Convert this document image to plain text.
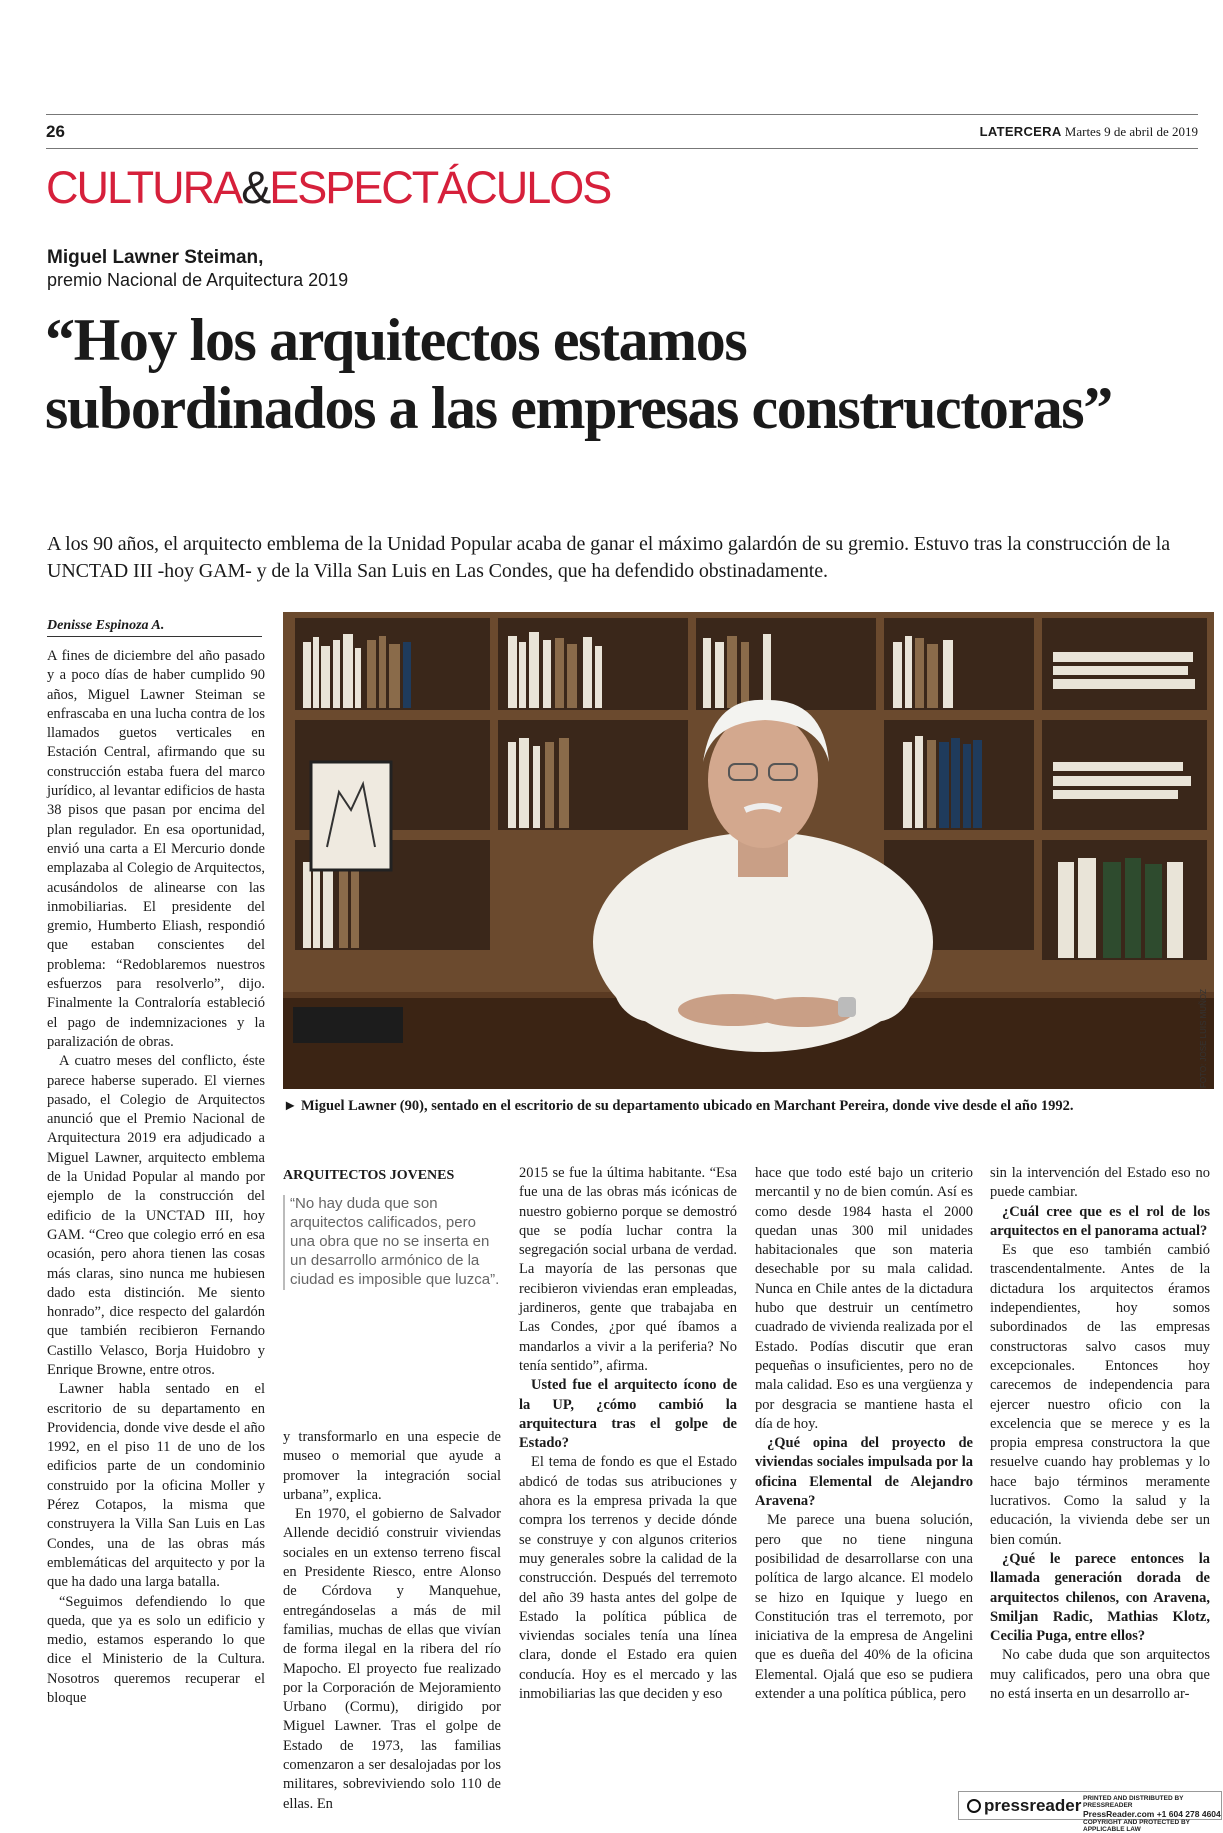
26	LATERCERA Martes 9 de abril de 2019
CULTURA&ESPECTÁCULOS
Miguel Lawner Steiman,
premio Nacional de Arquitectura 2019
“Hoy los arquitectos estamos
subordinados a las empresas constructoras”

A los 90 años, el arquitecto emblema de la Unidad Popular acaba de ganar el máximo galardón de su gremio. Estuvo tras la construcción de la UNCTAD III -hoy GAM- y de la Villa San Luis en Las Condes, que ha defendido obstinadamente.

Denisse Espinoza A.

A fines de diciembre del año pasado y a poco días de haber cumplido 90 años, Miguel Lawner Steiman se enfrascaba en una lucha contra de los llamados guetos verticales en Estación Central, afirmando que su construcción estaba fuera del marco jurídico, al levantar edificios de hasta 38 pisos que pasan por encima del plan regulador. En esa oportunidad, envió una carta a El Mercurio donde emplazaba al Colegio de Arquitectos, acusándolos de alinearse con las inmobiliarias. El presidente del gremio, Humberto Eliash, respondió que estaban conscientes del problema: “Redoblaremos nuestros esfuerzos para resolverlo”, dijo. Finalmente la Contraloría estableció el pago de indemnizaciones y la paralización de obras.

A cuatro meses del conflicto, éste parece haberse superado. El viernes pasado, el Colegio de Arquitectos anunció que el Premio Nacional de Arquitectura 2019 era adjudicado a Miguel Lawner, arquitecto emblema de la Unidad Popular al mando por ejemplo de la construcción del edificio de la UNCTAD III, hoy GAM. “Creo que colegio erró en esa ocasión, pero ahora tienen las cosas más claras, sino nunca me hubiesen dado esta distinción. Me siento honrado”, dice respecto del galardón que también recibieron Fernando Castillo Velasco, Borja Huidobro y Enrique Browne, entre otros.

Lawner habla sentado en el escritorio de su departamento en Providencia, donde vive desde el año 1992, en el piso 11 de uno de los edificios parte de un condominio construido por la oficina Moller y Pérez Cotapos, la misma que construyera la Villa San Luis en Las Condes, una de las obras más emblemáticas del arquitecto y por la que ha dado una larga batalla.

“Seguimos defendiendo lo que queda, que ya es solo un edificio y medio, estamos esperando lo que dice el Ministerio de la Cultura. Nosotros queremos recuperar el bloque

FOTO: JOSE LUIS MUÑOZ
► Miguel Lawner (90), sentado en el escritorio de su departamento ubicado en Marchant Pereira, donde vive desde el año 1992.
ARQUITECTOS JOVENES
“No hay duda que son arquitectos calificados, pero una obra que no se inserta en un desarrollo armónico de la ciudad es imposible que luzca”.

y transformarlo en una especie de museo o memorial que ayude a promover la integración social urbana”, explica.

En 1970, el gobierno de Salvador Allende decidió construir viviendas sociales en un extenso terreno fiscal en Presidente Riesco, entre Alonso de Córdova y Manquehue, entregándoselas a más de mil familias, muchas de ellas que vivían de forma ilegal en la ribera del río Mapocho. El proyecto fue realizado por la Corporación de Mejoramiento Urbano (Cormu), dirigido por Miguel Lawner. Tras el golpe de Estado de 1973, las familias comenzaron a ser desalojadas por los militares, sobreviviendo solo 110 de ellas. En

2015 se fue la última habitante. “Esa fue una de las obras más icónicas de nuestro gobierno porque se demostró que se podía luchar contra la segregación social urbana de verdad. La mayoría de las personas que recibieron viviendas eran empleadas, jardineros, gente que trabajaba en Las Condes, ¿por qué íbamos a mandarlos a vivir a la periferia? No tenía sentido”, afirma.

Usted fue el arquitecto ícono de la UP, ¿cómo cambió la arquitectura tras el golpe de Estado?

El tema de fondo es que el Estado abdicó de todas sus atribuciones y ahora es la empresa privada la que compra los terrenos y decide dónde se construye y con algunos criterios muy generales sobre la calidad de la construcción. Después del terremoto del año 39 hasta antes del golpe de Estado la política pública de viviendas sociales tenía una línea clara, donde el Estado era quien conducía. Hoy es el mercado y las inmobiliarias las que deciden y eso

hace que todo esté bajo un criterio mercantil y no de bien común. Así es como desde 1984 hasta el 2000 quedan unas 300 mil unidades habitacionales que son materia desechable por su mala calidad. Nunca en Chile antes de la dictadura hubo que destruir un centímetro cuadrado de vivienda realizada por el Estado. Podías discutir que eran pequeñas o insuficientes, pero no de mala calidad. Eso es una vergüenza y por desgracia se mantiene hasta el día de hoy.

¿Qué opina del proyecto de viviendas sociales impulsada por la oficina Elemental de Alejandro Aravena?

Me parece una buena solución, pero que no tiene ninguna posibilidad de desarrollarse con una política de largo alcance. El modelo se hizo en Iquique y luego en Constitución tras el terremoto, por iniciativa de la empresa de Angelini que es dueña del 40% de la oficina Elemental. Ojalá que eso se pudiera extender a una política pública, pero

sin la intervención del Estado eso no puede cambiar.

¿Cuál cree que es el rol de los arquitectos en el panorama actual?

Es que eso también cambió trascendentalmente. Antes de la dictadura los arquitectos éramos independientes, hoy somos subordinados de las empresas constructoras salvo casos muy excepcionales. Entonces hoy carecemos de independencia para ejercer nuestro oficio con la excelencia que se merece y es la propia empresa constructora la que resuelve cuando hay problemas y lo hace bajo términos meramente lucrativos. Como la salud y la educación, la vivienda debe ser un bien común.

¿Qué le parece entonces la llamada generación dorada de arquitectos chilenos, con Aravena, Smiljan Radic, Mathias Klotz, Cecilia Puga, entre ellos?

No cabe duda que son arquitectos muy calificados, pero una obra que no está inserta en un desarrollo ar-

pressreader PRINTED AND DISTRIBUTED BY PRESSREADER
PressReader.com +1 604 278 4604
COPYRIGHT AND PROTECTED BY APPLICABLE LAW
